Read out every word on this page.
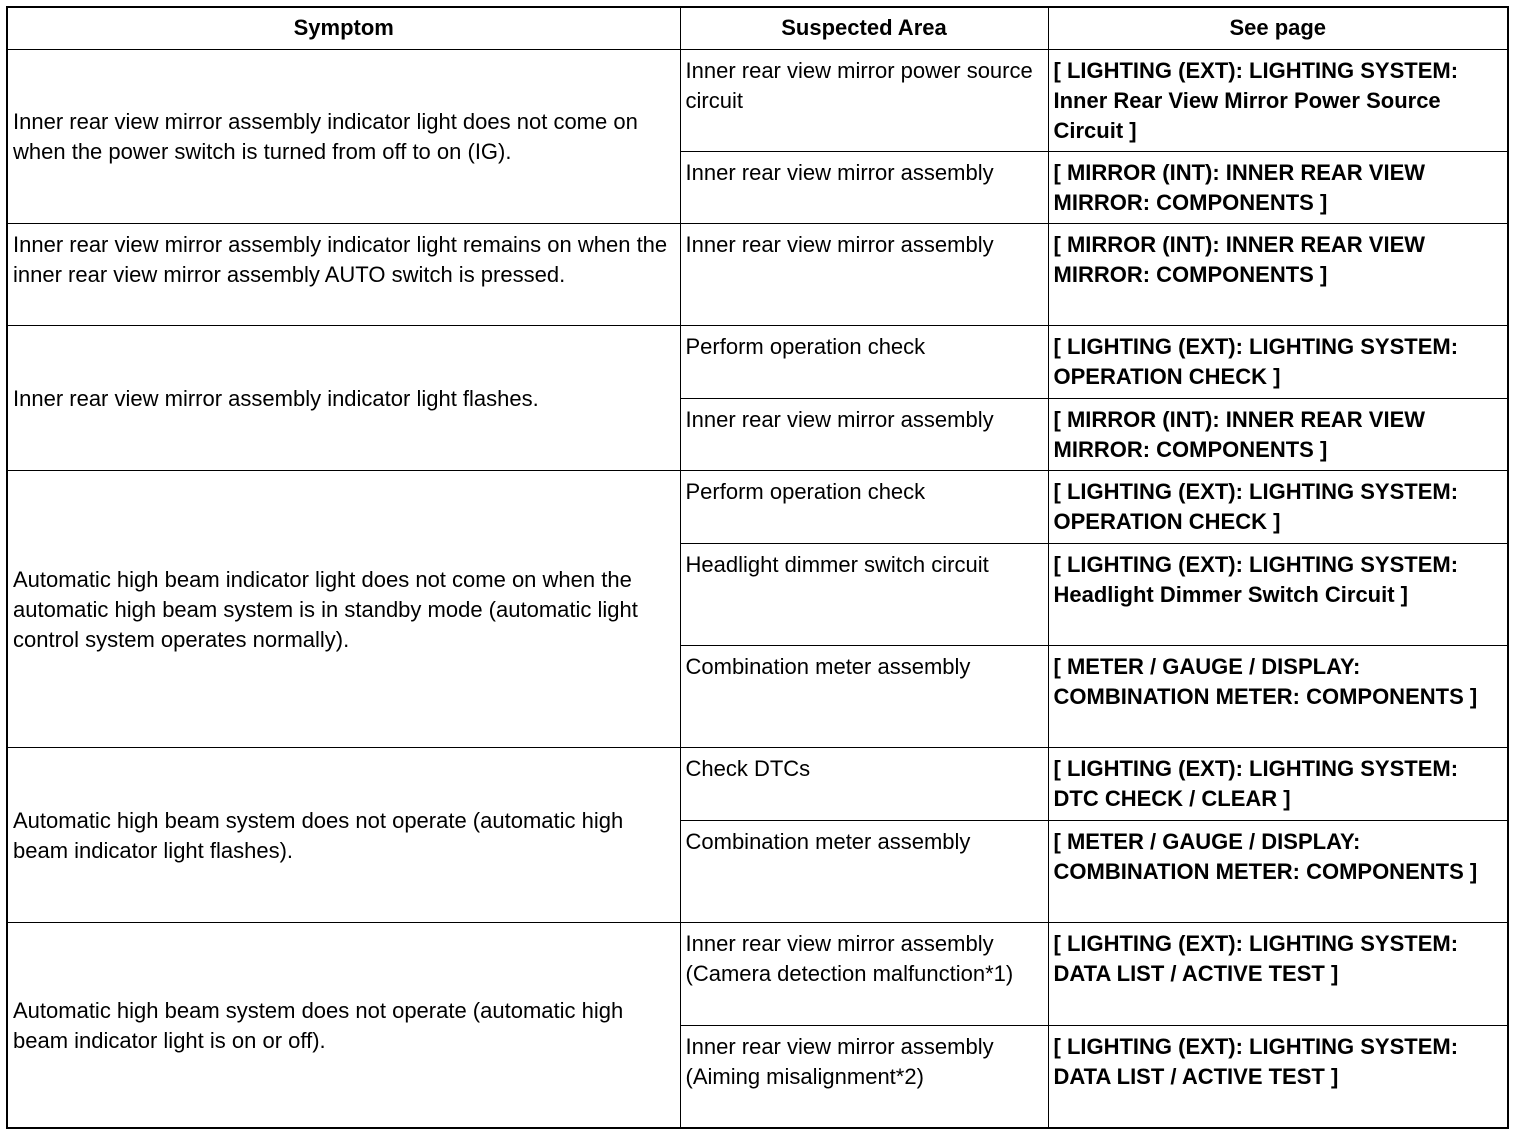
Symptom	Suspected Area	See page
Inner rear view mirror assembly indicator light does not come on when the power switch is turned from off to on (IG).	Inner rear view mirror power source circuit	[ LIGHTING (EXT): LIGHTING SYSTEM: Inner Rear View Mirror Power Source Circuit ]
	Inner rear view mirror assembly	[ MIRROR (INT): INNER REAR VIEW MIRROR: COMPONENTS ]
Inner rear view mirror assembly indicator light remains on when the inner rear view mirror assembly AUTO switch is pressed.	Inner rear view mirror assembly	[ MIRROR (INT): INNER REAR VIEW MIRROR: COMPONENTS ]
Inner rear view mirror assembly indicator light flashes.	Perform operation check	[ LIGHTING (EXT): LIGHTING SYSTEM: OPERATION CHECK ]
	Inner rear view mirror assembly	[ MIRROR (INT): INNER REAR VIEW MIRROR: COMPONENTS ]
Automatic high beam indicator light does not come on when the automatic high beam system is in standby mode (automatic light control system operates normally).	Perform operation check	[ LIGHTING (EXT): LIGHTING SYSTEM: OPERATION CHECK ]
	Headlight dimmer switch circuit	[ LIGHTING (EXT): LIGHTING SYSTEM: Headlight Dimmer Switch Circuit ]
	Combination meter assembly	[ METER / GAUGE / DISPLAY: COMBINATION METER: COMPONENTS ]
Automatic high beam system does not operate (automatic high beam indicator light flashes).	Check DTCs	[ LIGHTING (EXT): LIGHTING SYSTEM: DTC CHECK / CLEAR ]
	Combination meter assembly	[ METER / GAUGE / DISPLAY: COMBINATION METER: COMPONENTS ]
Automatic high beam system does not operate (automatic high beam indicator light is on or off).	Inner rear view mirror assembly (Camera detection malfunction*1)	[ LIGHTING (EXT): LIGHTING SYSTEM: DATA LIST / ACTIVE TEST ]
	Inner rear view mirror assembly (Aiming misalignment*2)	[ LIGHTING (EXT): LIGHTING SYSTEM: DATA LIST / ACTIVE TEST ]
